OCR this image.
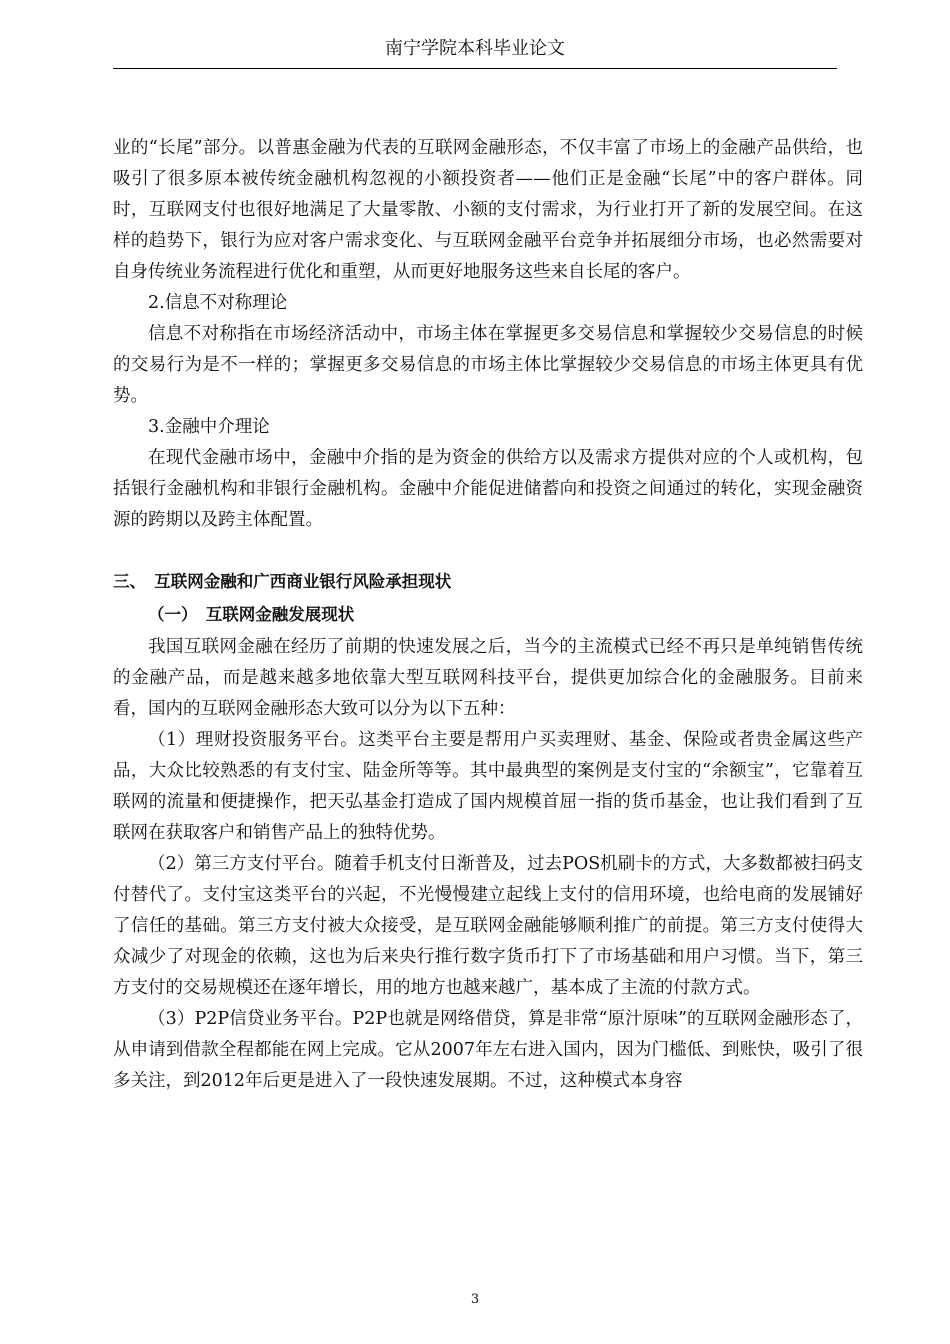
南宁学院本科毕业论文

业的“长尾”部分。以普惠金融为代表的互联网金融形态，不仅丰富了市场上的金融产品供给，也吸引了很多原本被传统金融机构忽视的小额投资者——他们正是金融“长尾”中的客户群体。同时，互联网支付也很好地满足了大量零散、小额的支付需求，为行业打开了新的发展空间。在这样的趋势下，银行为应对客户需求变化、与互联网金融平台竞争并拓展细分市场，也必然需要对自身传统业务流程进行优化和重塑，从而更好地服务这些来自长尾的客户。

2.信息不对称理论

信息不对称指在市场经济活动中，市场主体在掌握更多交易信息和掌握较少交易信息的时候的交易行为是不一样的；掌握更多交易信息的市场主体比掌握较少交易信息的市场主体更具有优势。

3.金融中介理论

在现代金融市场中，金融中介指的是为资金的供给方以及需求方提供对应的个人或机构，包括银行金融机构和非银行金融机构。金融中介能促进储蓄向和投资之间通过的转化，实现金融资源的跨期以及跨主体配置。

三、　互联网金融和广西商业银行风险承担现状

（一）　互联网金融发展现状

我国互联网金融在经历了前期的快速发展之后，当今的主流模式已经不再只是单纯销售传统的金融产品，而是越来越多地依靠大型互联网科技平台，提供更加综合化的金融服务。目前来看，国内的互联网金融形态大致可以分为以下五种：

（1）理财投资服务平台。这类平台主要是帮用户买卖理财、基金、保险或者贵金属这些产品，大众比较熟悉的有支付宝、陆金所等等。其中最典型的案例是支付宝的“余额宝”，它靠着互联网的流量和便捷操作，把天弘基金打造成了国内规模首屈一指的货币基金，也让我们看到了互联网在获取客户和销售产品上的独特优势。

（2）第三方支付平台。随着手机支付日渐普及，过去POS机刷卡的方式，大多数都被扫码支付替代了。支付宝这类平台的兴起，不光慢慢建立起线上支付的信用环境，也给电商的发展铺好了信任的基础。第三方支付被大众接受，是互联网金融能够顺利推广的前提。第三方支付使得大众减少了对现金的依赖，这也为后来央行推行数字货币打下了市场基础和用户习惯。当下，第三方支付的交易规模还在逐年增长，用的地方也越来越广，基本成了主流的付款方式。

（3）P2P信贷业务平台。P2P也就是网络借贷，算是非常“原汁原味”的互联网金融形态了，从申请到借款全程都能在网上完成。它从2007年左右进入国内，因为门槛低、到账快，吸引了很多关注，到2012年后更是进入了一段快速发展期。不过，这种模式本身容

3
